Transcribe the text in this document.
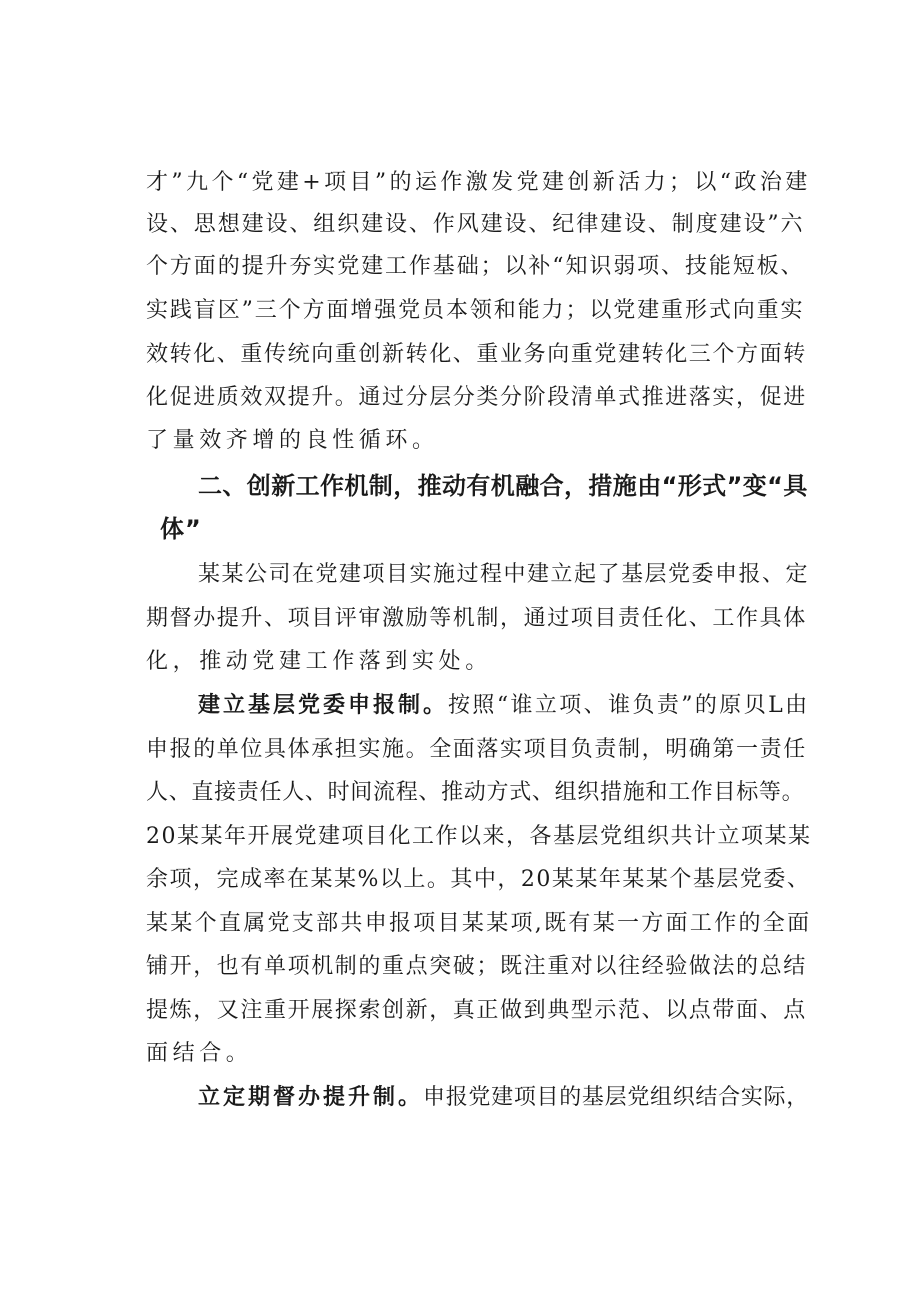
才”九个“党建+项目”的运作激发党建创新活力；以“政治建
设、思想建设、组织建设、作风建设、纪律建设、制度建设”六
个方面的提升夯实党建工作基础；以补“知识弱项、技能短板、
实践盲区”三个方面增强党员本领和能力；以党建重形式向重实
效转化、重传统向重创新转化、重业务向重党建转化三个方面转
化促进质效双提升。通过分层分类分阶段清单式推进落实，促进
了量效齐增的良性循环。
二、创新工作机制，推动有机融合，措施由“形式”变“具
体”
某某公司在党建项目实施过程中建立起了基层党委申报、定
期督办提升、项目评审激励等机制，通过项目责任化、工作具体
化，推动党建工作落到实处。
建立基层党委申报制。按照“谁立项、谁负责”的原贝L由
申报的单位具体承担实施。全面落实项目负责制，明确第一责任
人、直接责任人、时间流程、推动方式、组织措施和工作目标等。
20某某年开展党建项目化工作以来，各基层党组织共计立项某某
余项，完成率在某某%以上。其中，20某某年某某个基层党委、
某某个直属党支部共申报项目某某项,既有某一方面工作的全面
铺开，也有单项机制的重点突破；既注重对以往经验做法的总结
提炼，又注重开展探索创新，真正做到典型示范、以点带面、点
面结合。
立定期督办提升制。申报党建项目的基层党组织结合实际，
